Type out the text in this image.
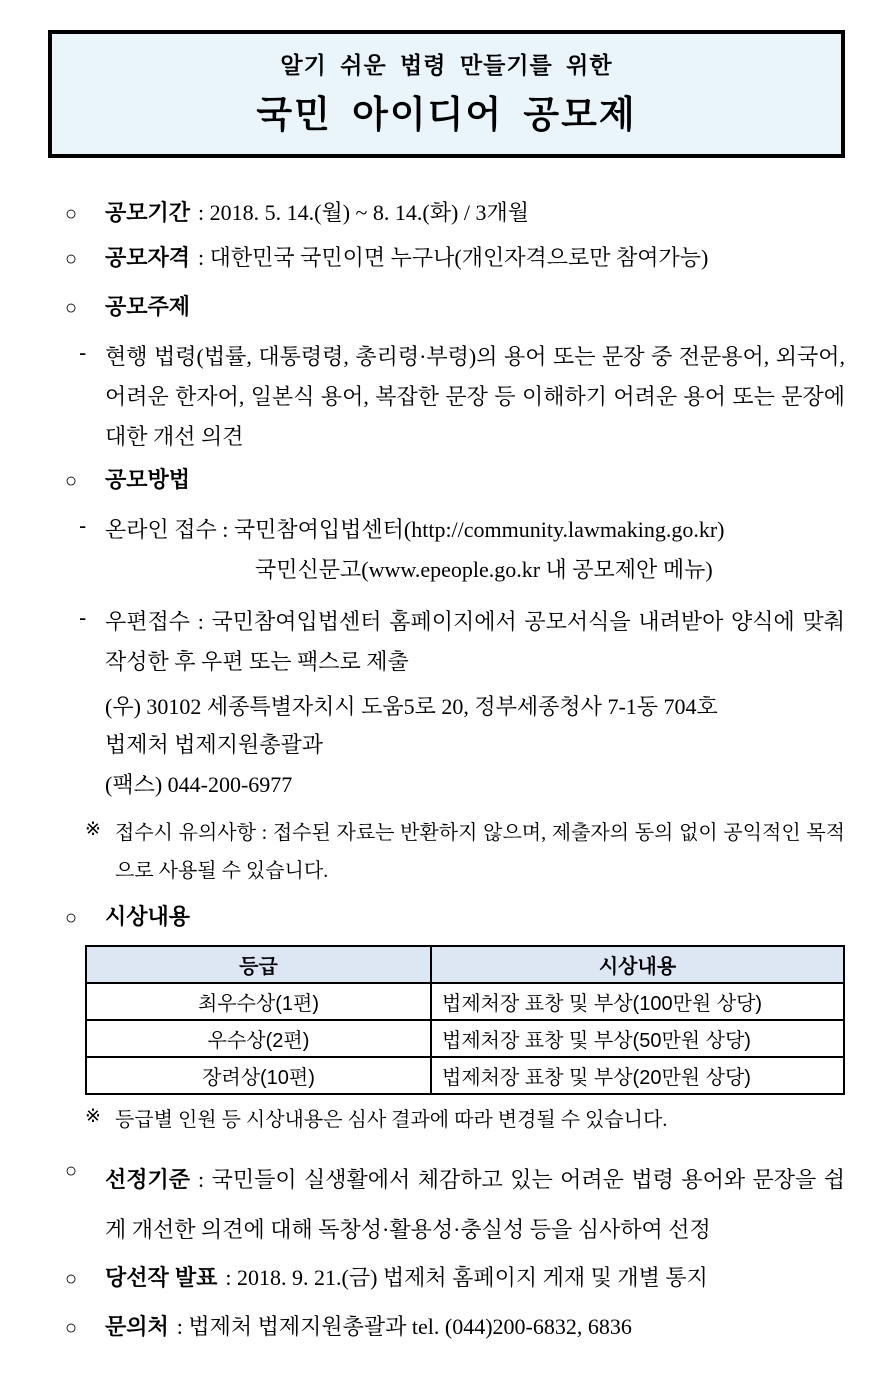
알기 쉬운 법령 만들기를 위한
국민 아이디어 공모제
○	공모기간 : 2018. 5. 14.(월) ~ 8. 14.(화) / 3개월
○	공모자격 : 대한민국 국민이면 누구나(개인자격으로만 참여가능)
○	공모주제
- 현행 법령(법률, 대통령령, 총리령·부령)의 용어 또는 문장 중 전문용어, 외국어, 어려운 한자어, 일본식 용어, 복잡한 문장 등 이해하기 어려운 용어 또는 문장에 대한 개선 의견
○	공모방법
- 온라인 접수 : 국민참여입법센터(http://community.lawmaking.go.kr)
국민신문고(www.epeople.go.kr 내 공모제안 메뉴)
- 우편접수 : 국민참여입법센터 홈페이지에서 공모서식을 내려받아 양식에 맞춰 작성한 후 우편 또는 팩스로 제출
(우) 30102 세종특별자치시 도움5로 20, 정부세종청사 7-1동 704호
법제처 법제지원총괄과
(팩스) 044-200-6977
※ 접수시 유의사항 : 접수된 자료는 반환하지 않으며, 제출자의 동의 없이 공익적인 목적으로 사용될 수 있습니다.
○	시상내용
등급	시상내용
최우수상(1편)	법제처장 표창 및 부상(100만원 상당)
우수상(2편)	법제처장 표창 및 부상(50만원 상당)
장려상(10편)	법제처장 표창 및 부상(20만원 상당)
※ 등급별 인원 등 시상내용은 심사 결과에 따라 변경될 수 있습니다.
○	선정기준 : 국민들이 실생활에서 체감하고 있는 어려운 법령 용어와 문장을 쉽게 개선한 의견에 대해 독창성·활용성·충실성 등을 심사하여 선정
○	당선작 발표 : 2018. 9. 21.(금) 법제처 홈페이지 게재 및 개별 통지
○	문의처 : 법제처 법제지원총괄과 tel. (044)200-6832, 6836
